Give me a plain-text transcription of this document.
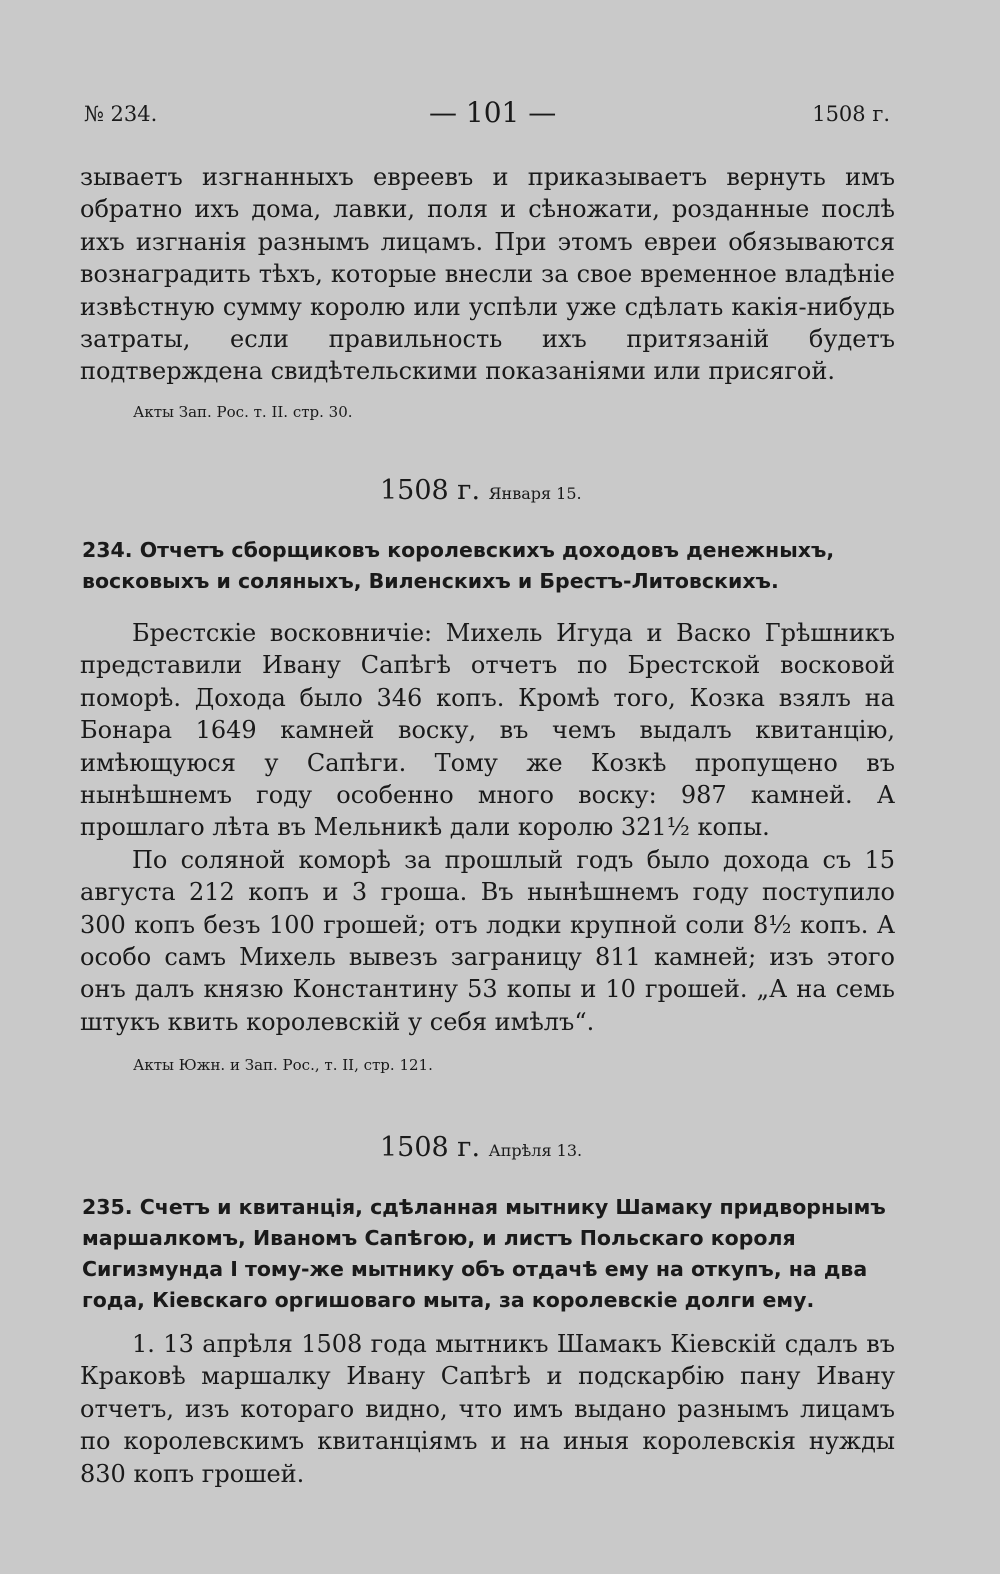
№ 234.	— 101 —	1508 г.

зываетъ изгнанныхъ евреевъ и приказываетъ вернуть имъ обратно ихъ дома, лавки, поля и сѣножати, розданные послѣ ихъ изгнанія разнымъ лицамъ. При этомъ евреи обязываются вознаградить тѣхъ, которые внесли за свое временное владѣніе извѣстную сумму королю или успѣли уже сдѣлать какія-нибудь затраты, если правильность ихъ притязаній будетъ подтверждена свидѣтельскими показаніями или присягой.

Акты Зап. Рос. т. II. стр. 30.
1508 г. Января 15.
234. Отчетъ сборщиковъ королевскихъ доходовъ денежныхъ, восковыхъ и соляныхъ, Виленскихъ и Брестъ-Литовскихъ.

Брестскіе восковничіе: Михель Игуда и Васко Грѣшникъ представили Ивану Сапѣгѣ отчетъ по Брестской восковой поморѣ. Дохода было 346 копъ. Кромѣ того, Козка взялъ на Бонара 1649 камней воску, въ чемъ выдалъ квитанцію, имѣющуюся у Сапѣги. Тому же Козкѣ пропущено въ нынѣшнемъ году особенно много воску: 987 камней. А прошлаго лѣта въ Мельникѣ дали королю 321½ копы.

По соляной коморѣ за прошлый годъ было дохода съ 15 августа 212 копъ и 3 гроша. Въ нынѣшнемъ году поступило 300 копъ безъ 100 грошей; отъ лодки крупной соли 8½ копъ. А особо самъ Михель вывезъ заграницу 811 камней; изъ этого онъ далъ князю Константину 53 копы и 10 грошей. „А на семь штукъ квить королевскій у себя имѣлъ“.

Акты Южн. и Зап. Рос., т. II, стр. 121.
1508 г. Апрѣля 13.
235. Счетъ и квитанція, сдѣланная мытнику Шамаку придворнымъ маршалкомъ, Иваномъ Сапѣгою, и листъ Польскаго короля Сигизмунда I тому-же мытнику объ отдачѣ ему на откупъ, на два года, Кіевскаго оргишоваго мыта, за королевскіе долги ему.

1. 13 апрѣля 1508 года мытникъ Шамакъ Кіевскій сдалъ въ Краковѣ маршалку Ивану Сапѣгѣ и подскарбію пану Ивану отчетъ, изъ котораго видно, что имъ выдано разнымъ лицамъ по королевскимъ квитанціямъ и на иныя королевскія нужды 830 копъ грошей.
